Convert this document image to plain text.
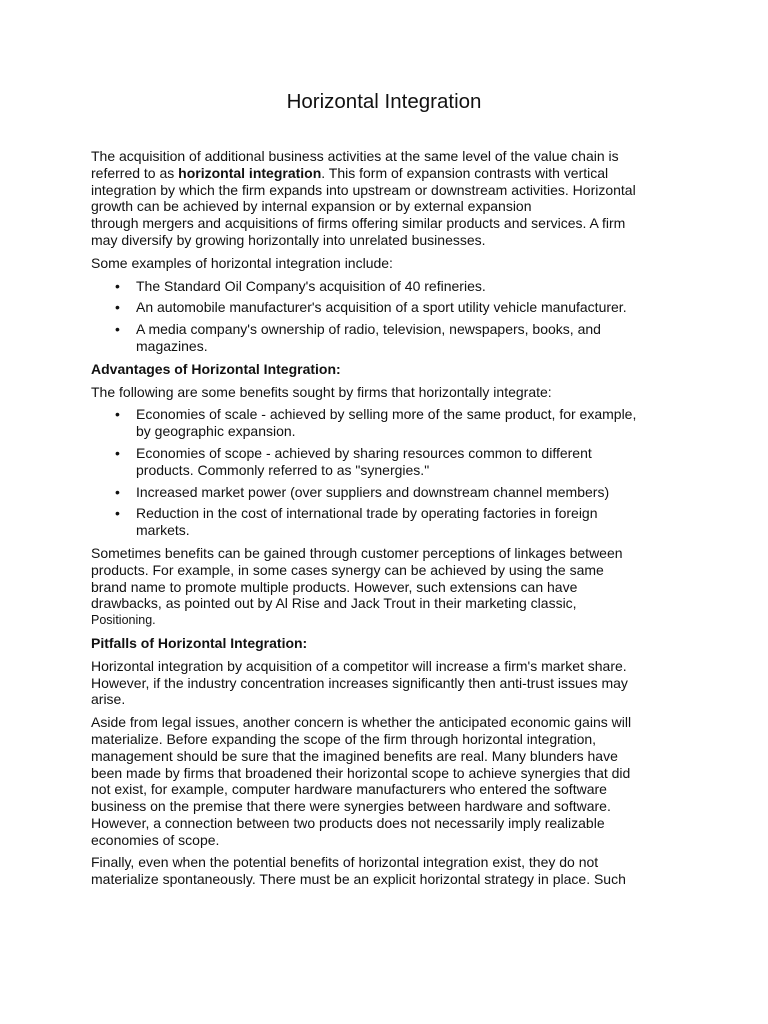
Horizontal Integration

The acquisition of additional business activities at the same level of the value chain is
referred to as horizontal integration. This form of expansion contrasts with vertical
integration by which the firm expands into upstream or downstream activities. Horizontal
growth can be achieved by internal expansion or by external expansion
through mergers and acquisitions of firms offering similar products and services. A firm
may diversify by growing horizontally into unrelated businesses.

Some examples of horizontal integration include:

• The Standard Oil Company's acquisition of 40 refineries.
• An automobile manufacturer's acquisition of a sport utility vehicle manufacturer.
• A media company's ownership of radio, television, newspapers, books, and
magazines.

Advantages of Horizontal Integration:

The following are some benefits sought by firms that horizontally integrate:

• Economies of scale - achieved by selling more of the same product, for example,
by geographic expansion.
• Economies of scope - achieved by sharing resources common to different
products. Commonly referred to as "synergies."
• Increased market power (over suppliers and downstream channel members)
• Reduction in the cost of international trade by operating factories in foreign
markets.

Sometimes benefits can be gained through customer perceptions of linkages between
products. For example, in some cases synergy can be achieved by using the same
brand name to promote multiple products. However, such extensions can have
drawbacks, as pointed out by Al Rise and Jack Trout in their marketing classic,
Positioning.

Pitfalls of Horizontal Integration:

Horizontal integration by acquisition of a competitor will increase a firm's market share.
However, if the industry concentration increases significantly then anti-trust issues may
arise.

Aside from legal issues, another concern is whether the anticipated economic gains will
materialize. Before expanding the scope of the firm through horizontal integration,
management should be sure that the imagined benefits are real. Many blunders have
been made by firms that broadened their horizontal scope to achieve synergies that did
not exist, for example, computer hardware manufacturers who entered the software
business on the premise that there were synergies between hardware and software.
However, a connection between two products does not necessarily imply realizable
economies of scope.

Finally, even when the potential benefits of horizontal integration exist, they do not
materialize spontaneously. There must be an explicit horizontal strategy in place. Such
